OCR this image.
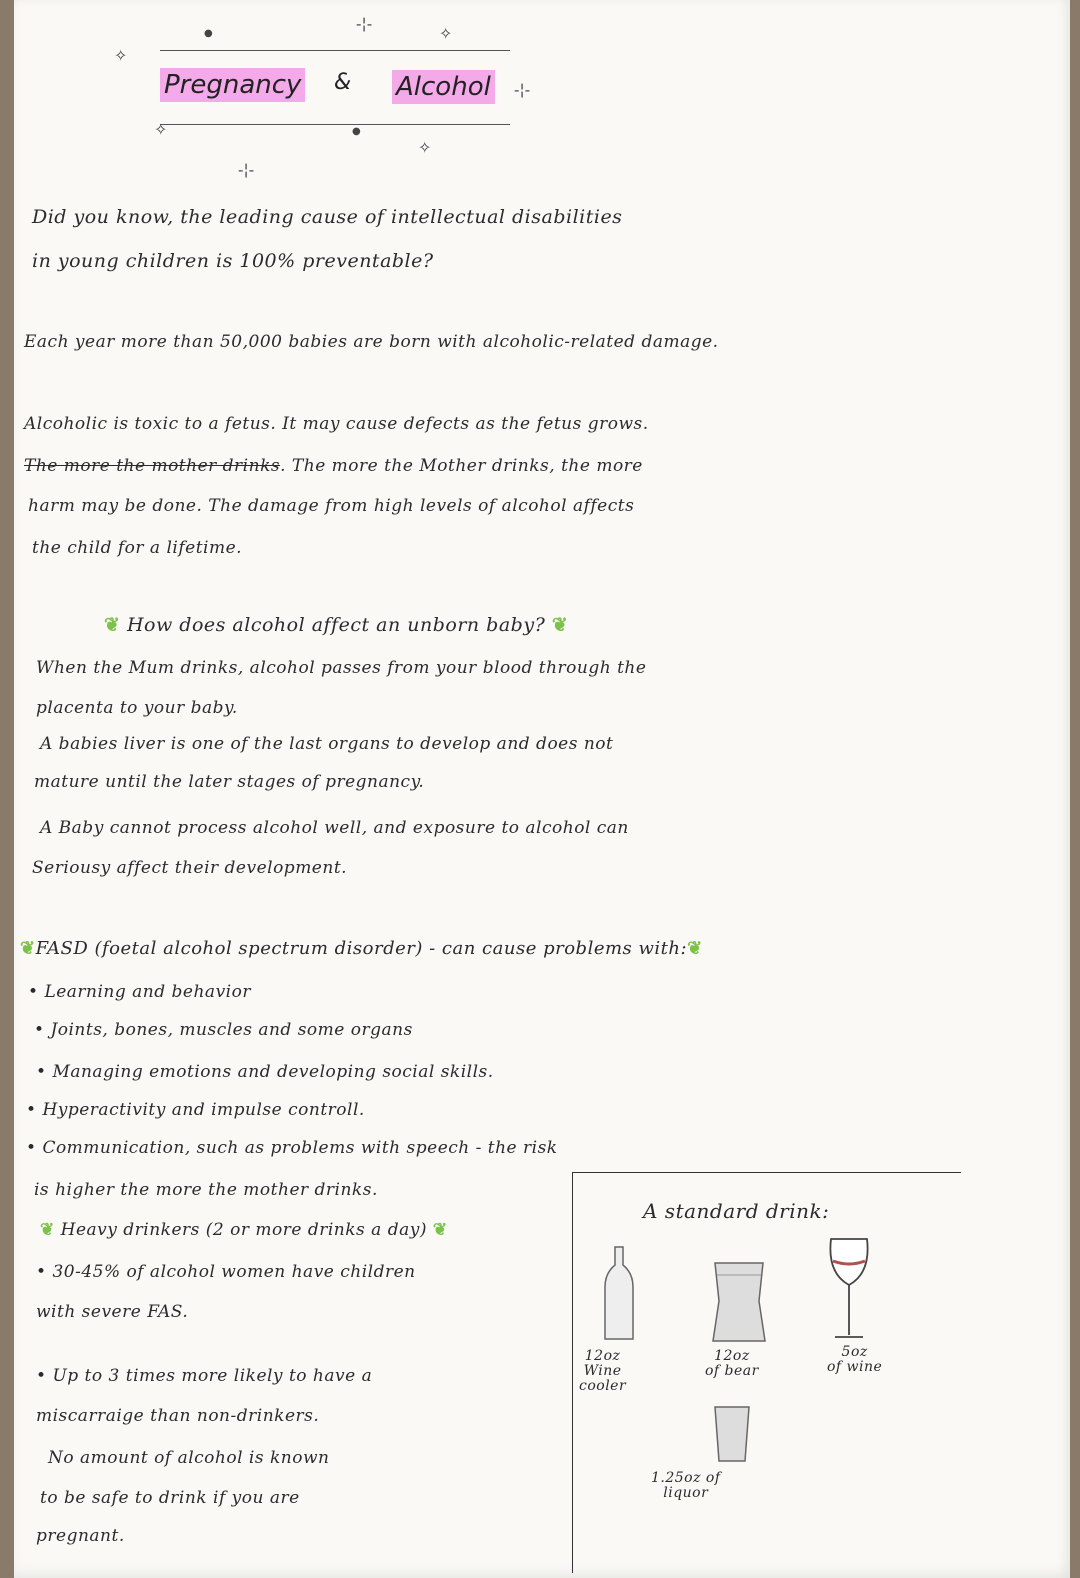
Pregnancy & Alcohol
✧
-¦-
✧
●
-¦-
✧	●
✧
-¦-
Did you know, the leading cause of intellectual disabilities
in young children is 100% preventable?
Each year more than 50,000 babies are born with alcoholic-related damage.
Alcoholic is toxic to a fetus. It may cause defects as the fetus grows.
The more the mother drinks. The more the Mother drinks, the more
harm may be done. The damage from high levels of alcohol affects
the child for a lifetime.
❦ How does alcohol affect an unborn baby? ❦
When the Mum drinks, alcohol passes from your blood through the
placenta to your baby.
A babies liver is one of the last organs to develop and does not
mature until the later stages of pregnancy.
A Baby cannot process alcohol well, and exposure to alcohol can
Seriousy affect their development.
❦FASD (foetal alcohol spectrum disorder) - can cause problems with:❦
• Learning and behavior
• Joints, bones, muscles and some organs
• Managing emotions and developing social skills.
• Hyperactivity and impulse controll.
• Communication, such as problems with speech - the risk
is higher the more the mother drinks.
❦ Heavy drinkers (2 or more drinks a day) ❦
• 30-45% of alcohol women have children
with severe FAS.
• Up to 3 times more likely to have a
miscarraige than non-drinkers.
No amount of alcohol is known
to be safe to drink if you are
pregnant.
A standard drink:
12oz
Wine
cooler
12oz
of bear
5oz
of wine
1.25oz of
liquor
